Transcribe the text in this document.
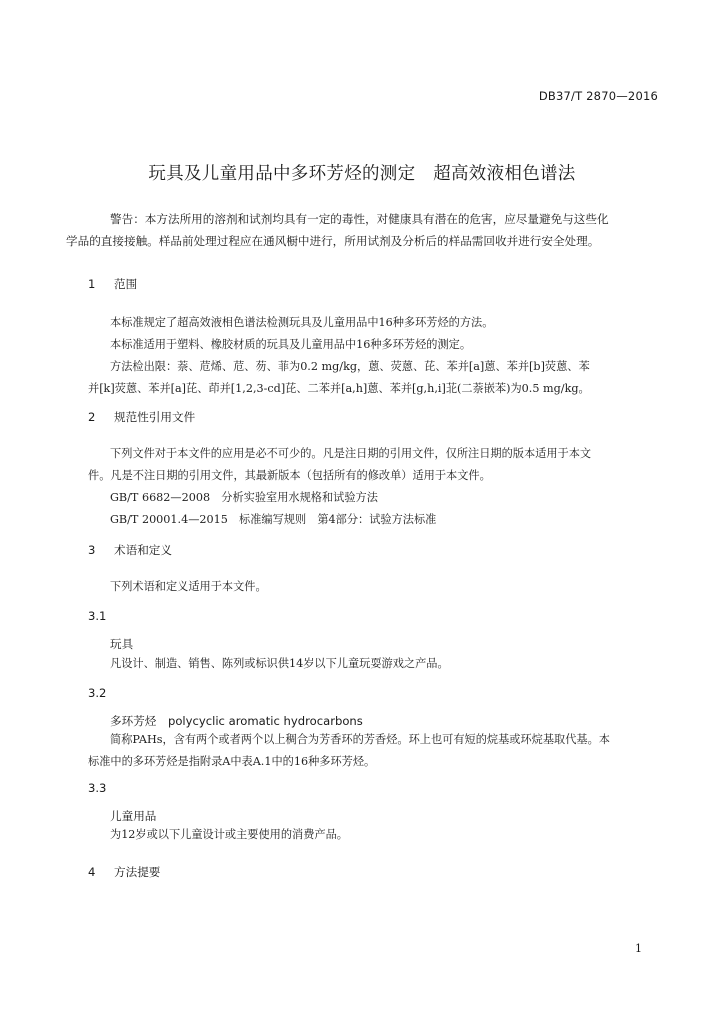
DB37/T 2870—2016
玩具及儿童用品中多环芳烃的测定　超高效液相色谱法

警告：本方法所用的溶剂和试剂均具有一定的毒性，对健康具有潜在的危害，应尽量避免与这些化

学品的直接接触。样品前处理过程应在通风橱中进行，所用试剂及分析后的样品需回收并进行安全处理。

1 范围

本标准规定了超高效液相色谱法检测玩具及儿童用品中16种多环芳烃的方法。

本标准适用于塑料、橡胶材质的玩具及儿童用品中16种多环芳烃的测定。

方法检出限：萘、苊烯、苊、芴、菲为0.2 mg/kg，蒽、荧蒽、芘、苯并[a]蒽、苯并[b]荧蒽、苯

并[k]荧蒽、苯并[a]芘、茚并[1,2,3-cd]芘、二苯并[a,h]蒽、苯并[g,h,i]苝(二萘嵌苯)为0.5 mg/kg。

2 规范性引用文件

下列文件对于本文件的应用是必不可少的。凡是注日期的引用文件，仅所注日期的版本适用于本文

件。凡是不注日期的引用文件，其最新版本（包括所有的修改单）适用于本文件。

GB/T 6682—2008　分析实验室用水规格和试验方法

GB/T 20001.4—2015　标准编写规则　第4部分：试验方法标准

3 术语和定义
下列术语和定义适用于本文件。
3.1
玩具
凡设计、制造、销售、陈列或标识供14岁以下儿童玩耍游戏之产品。
3.2
多环芳烃　polycyclic aromatic hydrocarbons

简称PAHs，含有两个或者两个以上稠合为芳香环的芳香烃。环上也可有短的烷基或环烷基取代基。本

标准中的多环芳烃是指附录A中表A.1中的16种多环芳烃。

3.3
儿童用品
为12岁或以下儿童设计或主要使用的消费产品。
4 方法提要
1
